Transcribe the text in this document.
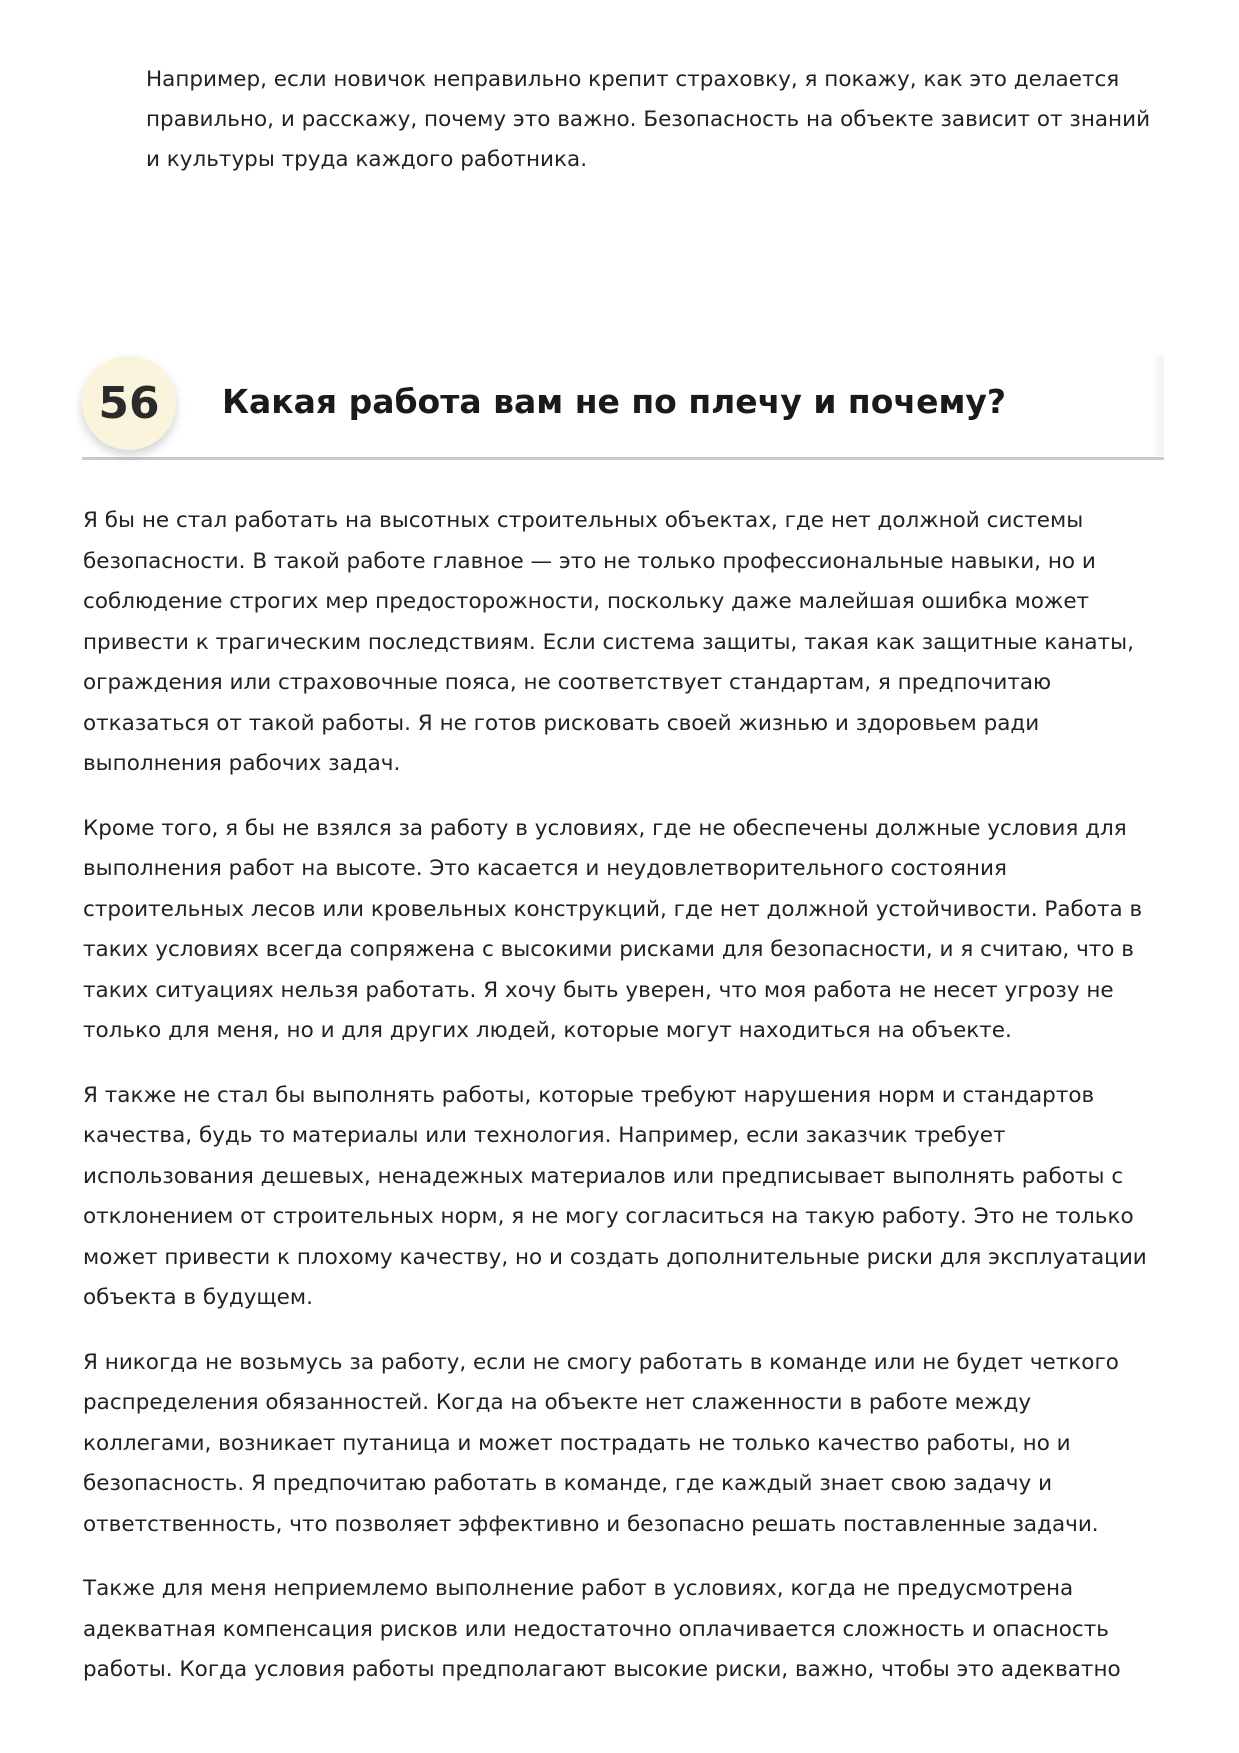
Например, если новичок неправильно крепит страховку, я покажу, как это делается правильно, и расскажу, почему это важно. Безопасность на объекте зависит от знаний и культуры труда каждого работника.

56	Какая работа вам не по плечу и почему?

Я бы не стал работать на высотных строительных объектах, где нет должной системы безопасности. В такой работе главное — это не только профессиональные навыки, но и соблюдение строгих мер предосторожности, поскольку даже малейшая ошибка может привести к трагическим последствиям. Если система защиты, такая как защитные канаты, ограждения или страховочные пояса, не соответствует стандартам, я предпочитаю отказаться от такой работы. Я не готов рисковать своей жизнью и здоровьем ради выполнения рабочих задач.

Кроме того, я бы не взялся за работу в условиях, где не обеспечены должные условия для выполнения работ на высоте. Это касается и неудовлетворительного состояния строительных лесов или кровельных конструкций, где нет должной устойчивости. Работа в таких условиях всегда сопряжена с высокими рисками для безопасности, и я считаю, что в таких ситуациях нельзя работать. Я хочу быть уверен, что моя работа не несет угрозу не только для меня, но и для других людей, которые могут находиться на объекте.

Я также не стал бы выполнять работы, которые требуют нарушения норм и стандартов качества, будь то материалы или технология. Например, если заказчик требует использования дешевых, ненадежных материалов или предписывает выполнять работы с отклонением от строительных норм, я не могу согласиться на такую работу. Это не только может привести к плохому качеству, но и создать дополнительные риски для эксплуатации объекта в будущем.

Я никогда не возьмусь за работу, если не смогу работать в команде или не будет четкого распределения обязанностей. Когда на объекте нет слаженности в работе между коллегами, возникает путаница и может пострадать не только качество работы, но и безопасность. Я предпочитаю работать в команде, где каждый знает свою задачу и ответственность, что позволяет эффективно и безопасно решать поставленные задачи.

Также для меня неприемлемо выполнение работ в условиях, когда не предусмотрена адекватная компенсация рисков или недостаточно оплачивается сложность и опасность работы. Когда условия работы предполагают высокие риски, важно, чтобы это адекватно
